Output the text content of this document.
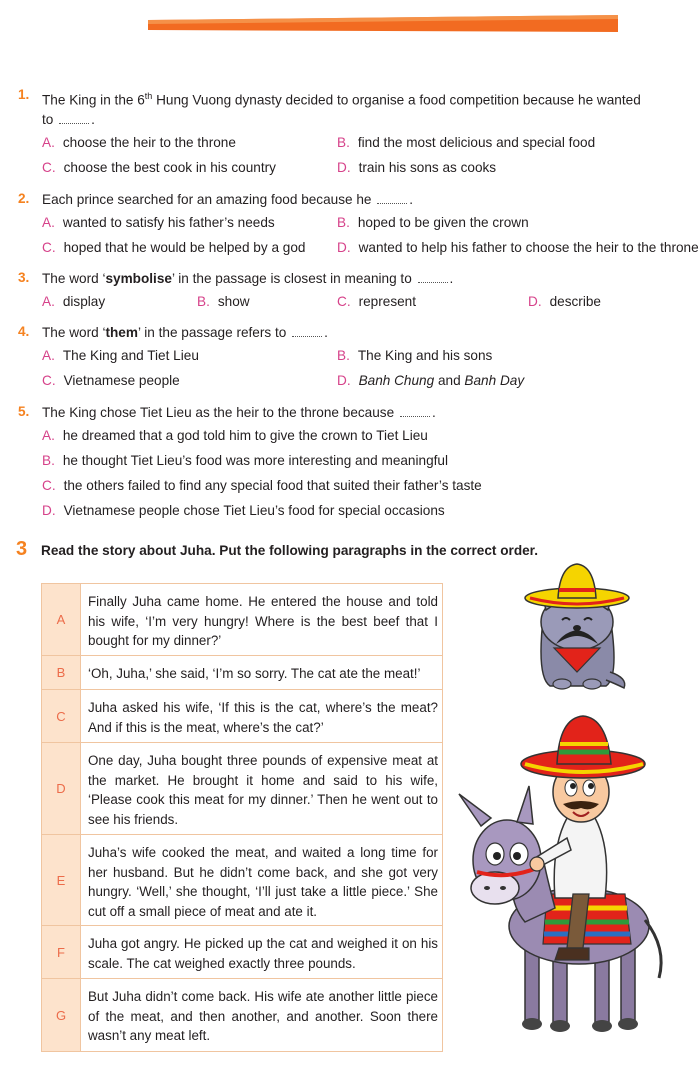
1. The King in the 6th Hung Vuong dynasty decided to organise a food competition because he wanted
to	.
A. choose the heir to the throne	B. find the most delicious and special food
C. choose the best cook in his country	D. train his sons as cooks
2. Each prince searched for an amazing food because he	.
A. wanted to satisfy his father’s needs	B. hoped to be given the crown
C. hoped that he would be helped by a god D. wanted to help his father to choose the heir to the throne
3. The word ‘symbolise’ in the passage is closest in meaning to	.
A. display	B. show	C. represent	D. describe
4. The word ‘them’ in the passage refers to	.
A. The King and Tiet Lieu	B. The King and his sons
C. Vietnamese people	D. Banh Chung and Banh Day
5. The King chose Tiet Lieu as the heir to the throne because	.
A. he dreamed that a god told him to give the crown to Tiet Lieu
B. he thought Tiet Lieu’s food was more interesting and meaningful
C. the others failed to find any special food that suited their father’s taste
D. Vietnamese people chose Tiet Lieu’s food for special occasions
3 Read the story about Juha. Put the following paragraphs in the correct order.
A
Finally Juha came home. He entered the house and told his wife, ‘I’m very hungry! Where is the best beef that I bought for my dinner?’
B	‘Oh, Juha,’ she said, ‘I’m so sorry. The cat ate the meat!’
C
Juha asked his wife, ‘If this is the cat, where’s the meat? And if this is the meat, where’s the cat?’
D
One day, Juha bought three pounds of expensive meat at the market. He brought it home and said to his wife, ‘Please cook this meat for my dinner.’ Then he went out to see his friends.
E
Juha’s wife cooked the meat, and waited a long time for her husband. But he didn’t come back, and she got very hungry. ‘Well,’ she thought, ‘I’ll just take a little piece.’ She cut off a small piece of meat and ate it.
F
Juha got angry. He picked up the cat and weighed it on his scale. The cat weighed exactly three pounds.
G
But Juha didn’t come back. His wife ate another little piece of the meat, and then another, and another. Soon there wasn’t any meat left.
